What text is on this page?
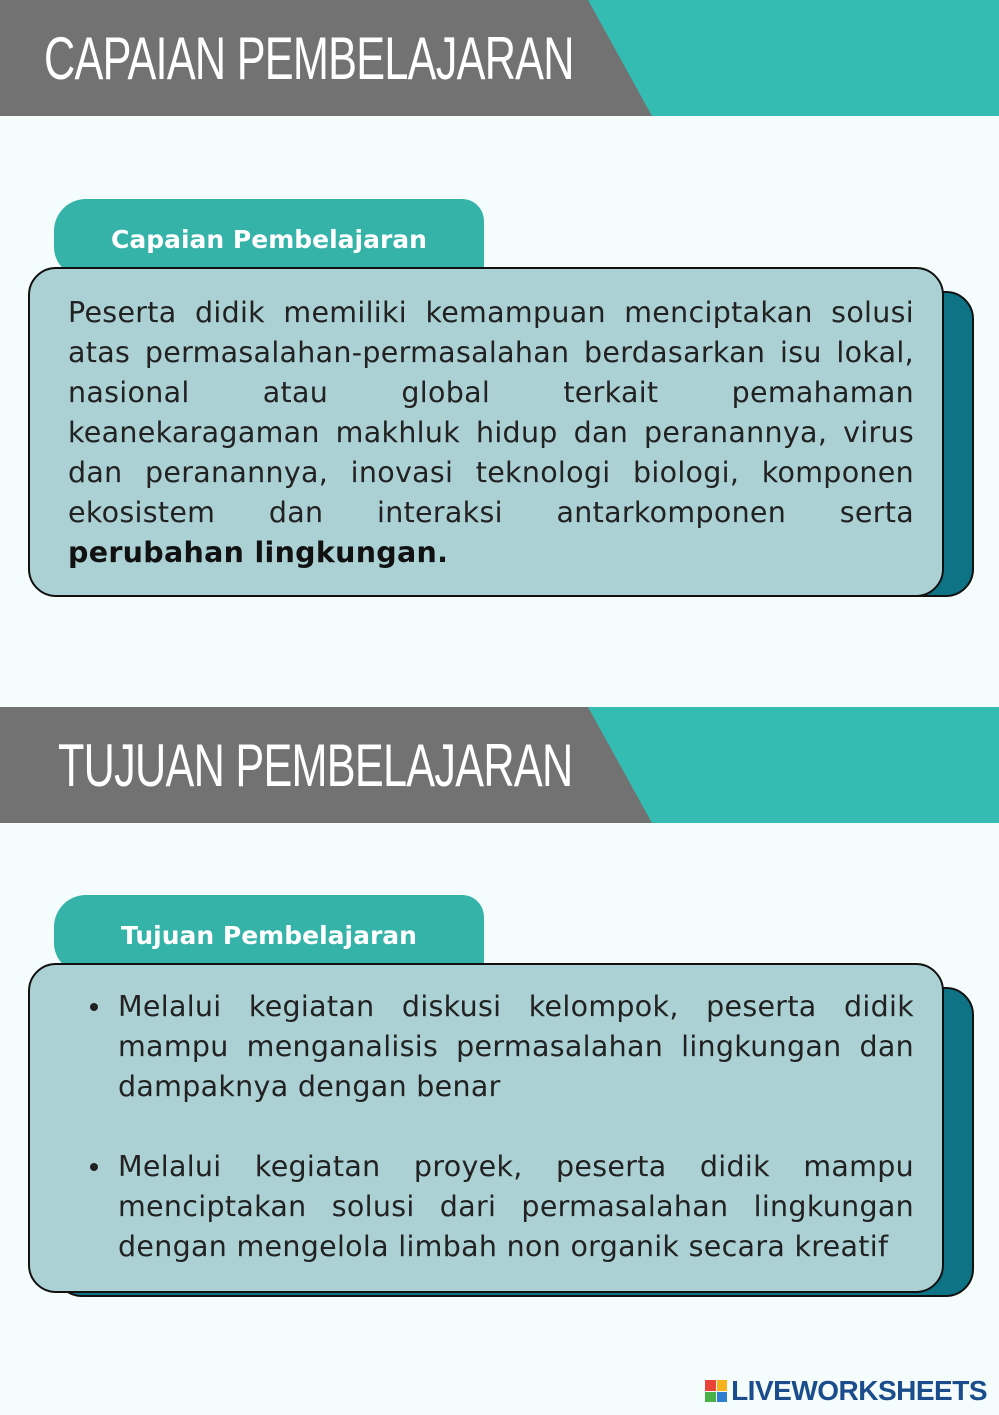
CAPAIAN PEMBELAJARAN
Capaian Pembelajaran
Peserta didik memiliki kemampuan menciptakan solusi atas permasalahan-permasalahan berdasarkan isu lokal, nasional atau global terkait pemahaman keanekaragaman makhluk hidup dan peranannya, virus dan peranannya, inovasi teknologi biologi, komponen ekosistem dan interaksi antarkomponen serta perubahan lingkungan.
TUJUAN PEMBELAJARAN
Tujuan Pembelajaran
Melalui kegiatan diskusi kelompok, peserta didik mampu menganalisis permasalahan lingkungan dan dampaknya dengan benar
Melalui kegiatan proyek, peserta didik mampu menciptakan solusi dari permasalahan lingkungan dengan mengelola limbah non organik secara kreatif
LIVEWORKSHEETS
